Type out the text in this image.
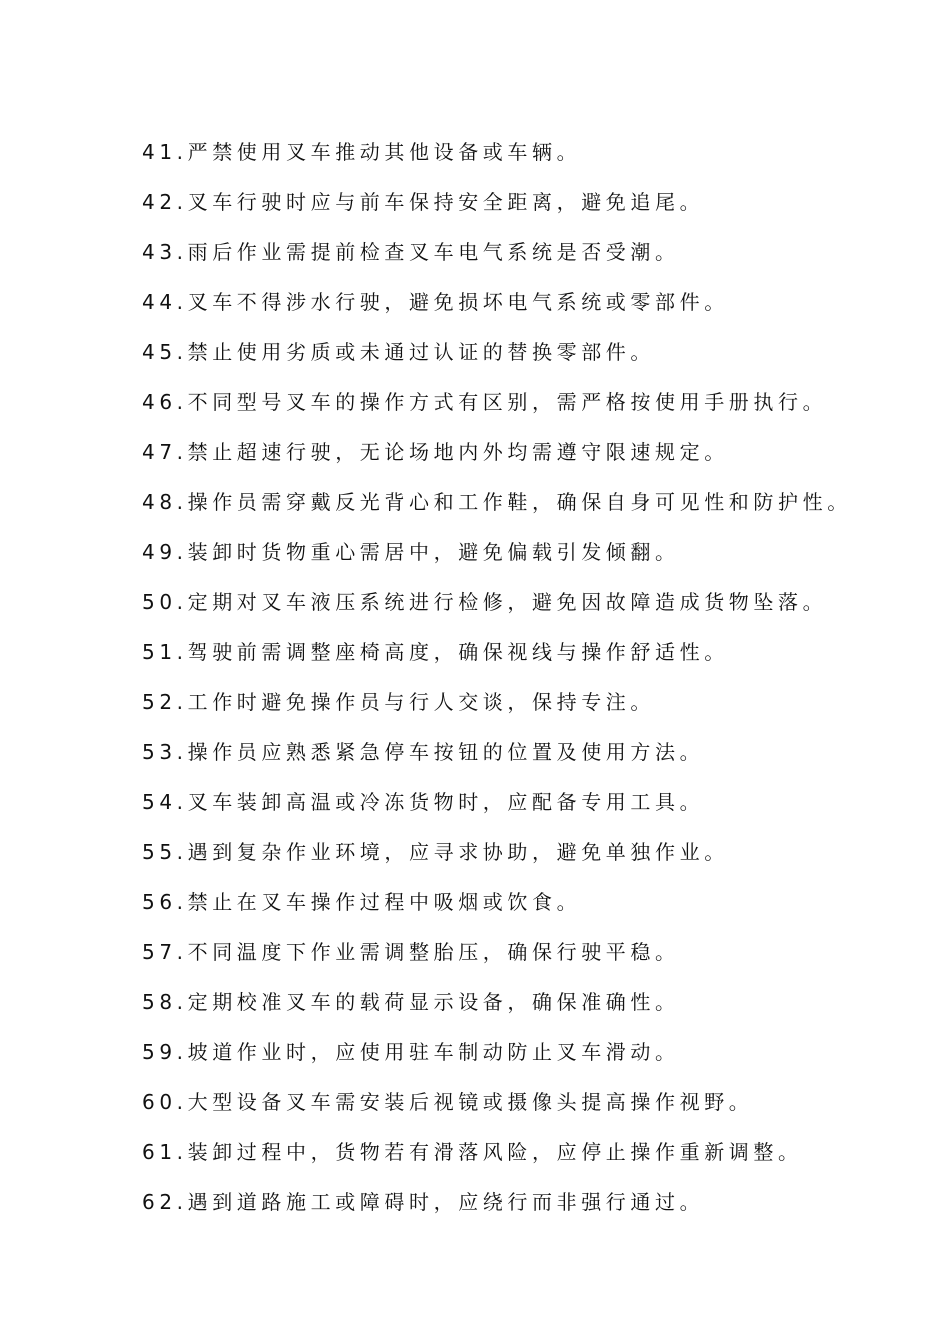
41.严禁使用叉车推动其他设备或车辆。
42.叉车行驶时应与前车保持安全距离，避免追尾。
43.雨后作业需提前检查叉车电气系统是否受潮。
44.叉车不得涉水行驶，避免损坏电气系统或零部件。
45.禁止使用劣质或未通过认证的替换零部件。
46.不同型号叉车的操作方式有区别，需严格按使用手册执行。
47.禁止超速行驶，无论场地内外均需遵守限速规定。
48.操作员需穿戴反光背心和工作鞋，确保自身可见性和防护性。
49.装卸时货物重心需居中，避免偏载引发倾翻。
50.定期对叉车液压系统进行检修，避免因故障造成货物坠落。
51.驾驶前需调整座椅高度，确保视线与操作舒适性。
52.工作时避免操作员与行人交谈，保持专注。
53.操作员应熟悉紧急停车按钮的位置及使用方法。
54.叉车装卸高温或冷冻货物时，应配备专用工具。
55.遇到复杂作业环境，应寻求协助，避免单独作业。
56.禁止在叉车操作过程中吸烟或饮食。
57.不同温度下作业需调整胎压，确保行驶平稳。
58.定期校准叉车的载荷显示设备，确保准确性。
59.坡道作业时，应使用驻车制动防止叉车滑动。
60.大型设备叉车需安装后视镜或摄像头提高操作视野。
61.装卸过程中，货物若有滑落风险，应停止操作重新调整。
62.遇到道路施工或障碍时，应绕行而非强行通过。
